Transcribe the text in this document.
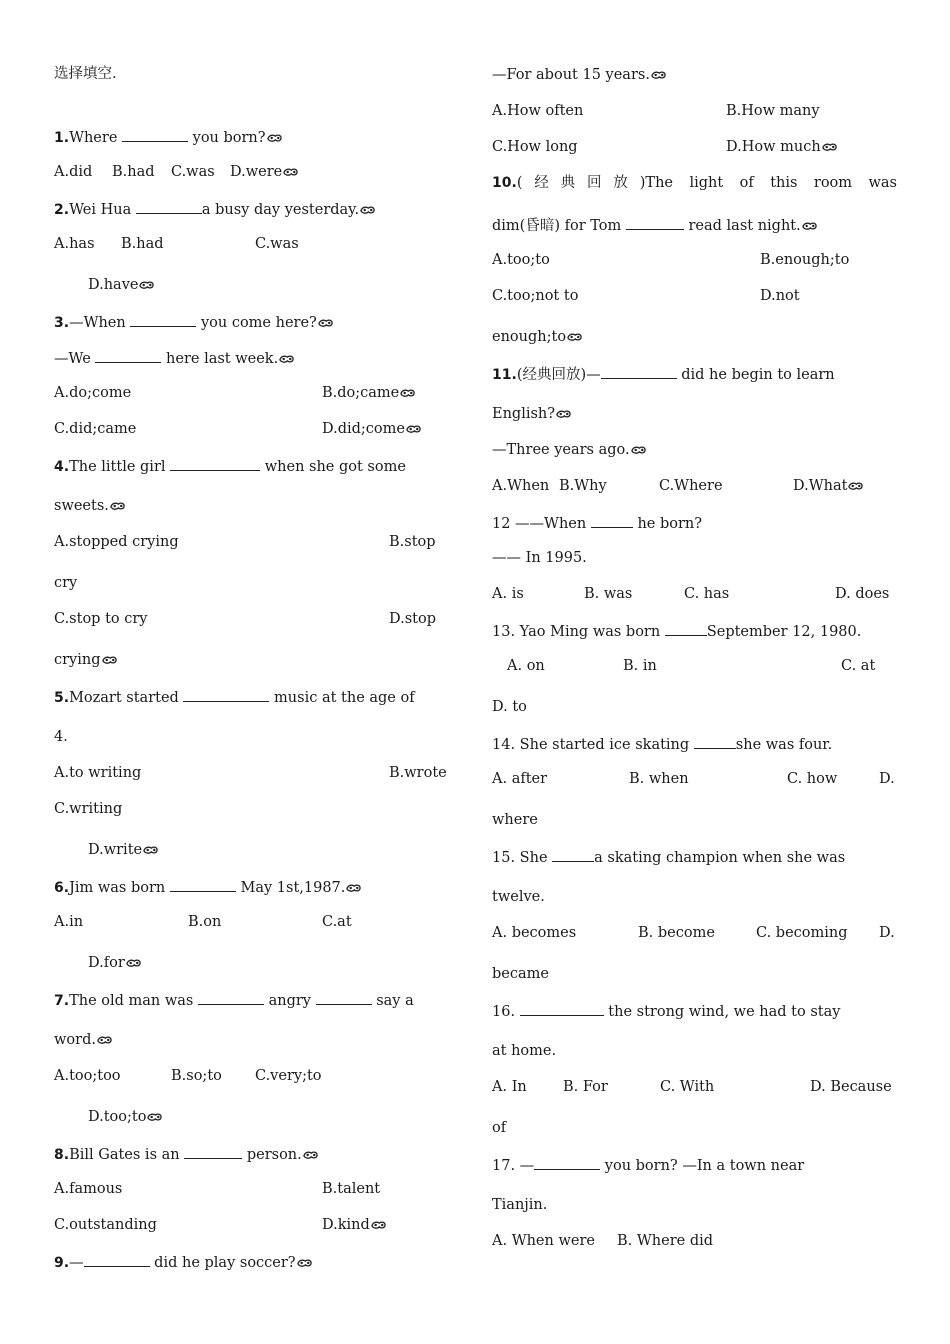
选择填空.
1.Where	you born?

A.did

B.had

C.was

D.were

2.Wei Hua	a busy day yesterday.

A.has

B.had

	C.was

D.have
3.—When	you come here?
—We	here last week.

A.do;come

	B.do;came

C.did;came

	D.did;come

4.The little girl	when she got some
sweets.

A.stopped crying

	B.stop

cry

C.stop to cry

	D.stop

crying
5.Mozart started	music at the age of
4.

A.to writing

	B.wrote

C.writing
D.write
6.Jim was born	May 1st,1987.

A.in

	B.on

	C.at

D.for
7.The old man was	angry	say a
word.

A.too;too

	B.so;to

C.very;to

D.too;to
8.Bill Gates is an	person.

A.famous

	B.talent

C.outstanding

	D.kind

9.—	did he play soccer?
—For about 15 years.

A.How often

	B.How many

C.How long

	D.How much

10.(经典回放)The light of this room was
dim(昏暗) for Tom	read last night.

A.too;to

	B.enough;to

C.too;not to

	D.not

enough;to
11.(经典回放)—	did he begin to learn
English?
—Three years ago.

A.When

B.Why

	C.Where

	D.What

12 ——When	he born?
—— In 1995.

A. is

	B. was

	C. has

	D. does

13. Yao Ming was born	September 12, 1980.

A. on

	B. in

	C. at

D. to
14. She started ice skating	she was four.

A. after

	B. when

	C. how

	D.

where
15. She	a skating champion when she was
twelve.

A. becomes

	B. become

	C. becoming

D.

became
16.	the strong wind, we had to stay
at home.

A. In

B. For

	C. With

	D. Because

of
17. —	you born? —In a town near
Tianjin.

A. When were

B. Where did
